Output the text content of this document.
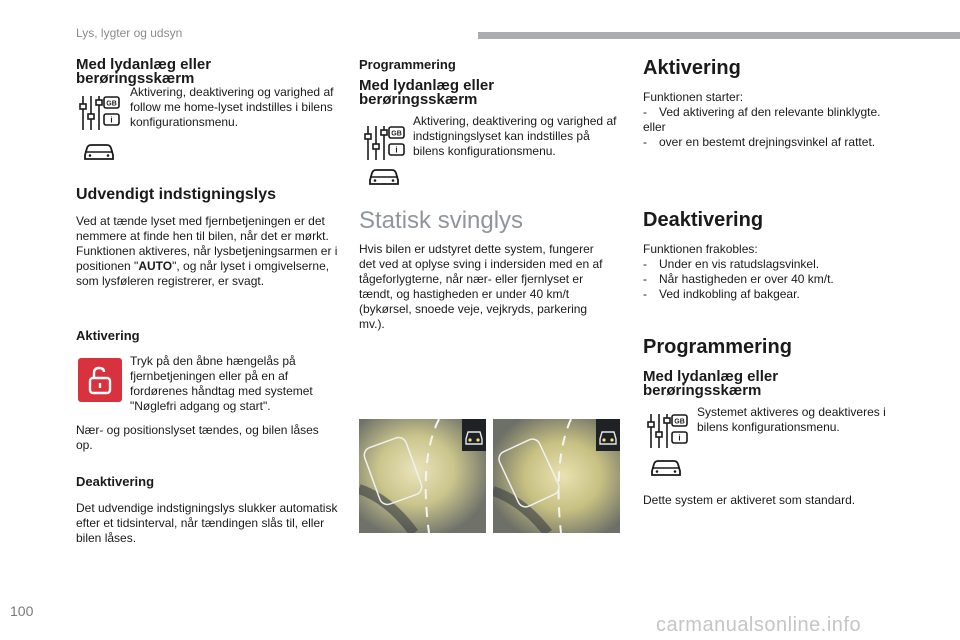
Lys, lygter og udsyn
Med lydanlæg eller berøringsskærm
GB
i

Aktivering, deaktivering og varighed af follow me home-lyset indstilles i bilens konfigurationsmenu.

Udvendigt indstigningslys

Ved at tænde lyset med fjernbetjeningen er det nemmere at finde hen til bilen, når det er mørkt. Funktionen aktiveres, når lysbetjeningsarmen er i positionen "AUTO", og når lyset i omgivelserne, som lysføleren registrerer, er svagt.

Aktivering

Tryk på den åbne hængelås på fjernbetjeningen eller på en af fordørenes håndtag med systemet "Nøglefri adgang og start".

Nær- og positionslyset tændes, og bilen låses op.

Deaktivering

Det udvendige indstigningslys slukker automatisk efter et tidsinterval, når tændingen slås til, eller bilen låses.

Programmering
Med lydanlæg eller berøringsskærm
GB
i

Aktivering, deaktivering og varighed af indstigningslyset kan indstilles på bilens konfigurationsmenu.

Statisk svinglys

Hvis bilen er udstyret dette system, fungerer det ved at oplyse sving i indersiden med en af tågeforlygterne, når nær- eller fjernlyset er tændt, og hastigheden er under 40 km/t (bykørsel, snoede veje, vejkryds, parkering mv.).

Aktivering

Funktionen starter:

-	Ved aktivering af den relevante blinklygte.

eller

-	over en bestemt drejningsvinkel af rattet.
Deaktivering

Funktionen frakobles:

-	Under en vis ratudslagsvinkel.
-	Når hastigheden er over 40 km/t.
-	Ved indkobling af bakgear.
Programmering
Med lydanlæg eller berøringsskærm
GB
i

Systemet aktiveres og deaktiveres i bilens konfigurationsmenu.

Dette system er aktiveret som standard.

100
carmanualsonline.info
